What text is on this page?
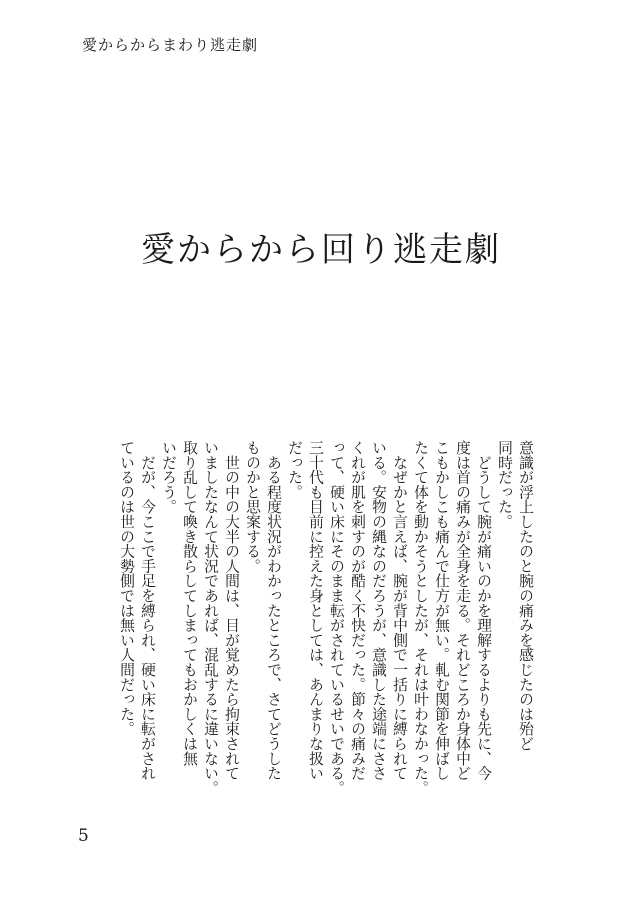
愛からからまわり逃走劇
愛からから回り逃走劇

意識が浮上したのと腕の痛みを感じたのは殆ど

同時だった。

　どうして腕が痛いのかを理解するよりも先に、今

度は首の痛みが全身を走る。それどころか身体中ど

こもかしこも痛んで仕方が無い。軋む関節を伸ばし

たくて体を動かそうとしたが、それは叶わなかった。

　なぜかと言えば、腕が背中側で一括りに縛られて

いる。安物の縄なのだろうが、意識した途端にささ

くれが肌を刺すのが酷く不快だった。節々の痛みだ

って、硬い床にそのまま転がされているせいである。

三十代も目前に控えた身としては、あんまりな扱い

だった。

　ある程度状況がわかったところで、さてどうした

ものかと思案する。

　世の中の大半の人間は、目が覚めたら拘束されて

いましたなんて状況であれば、混乱するに違いない。

取り乱して喚き散らしてしまってもおかしくは無

いだろう。

　だが、今ここで手足を縛られ、硬い床に転がされ

ているのは世の大勢側では無い人間だった。

5
